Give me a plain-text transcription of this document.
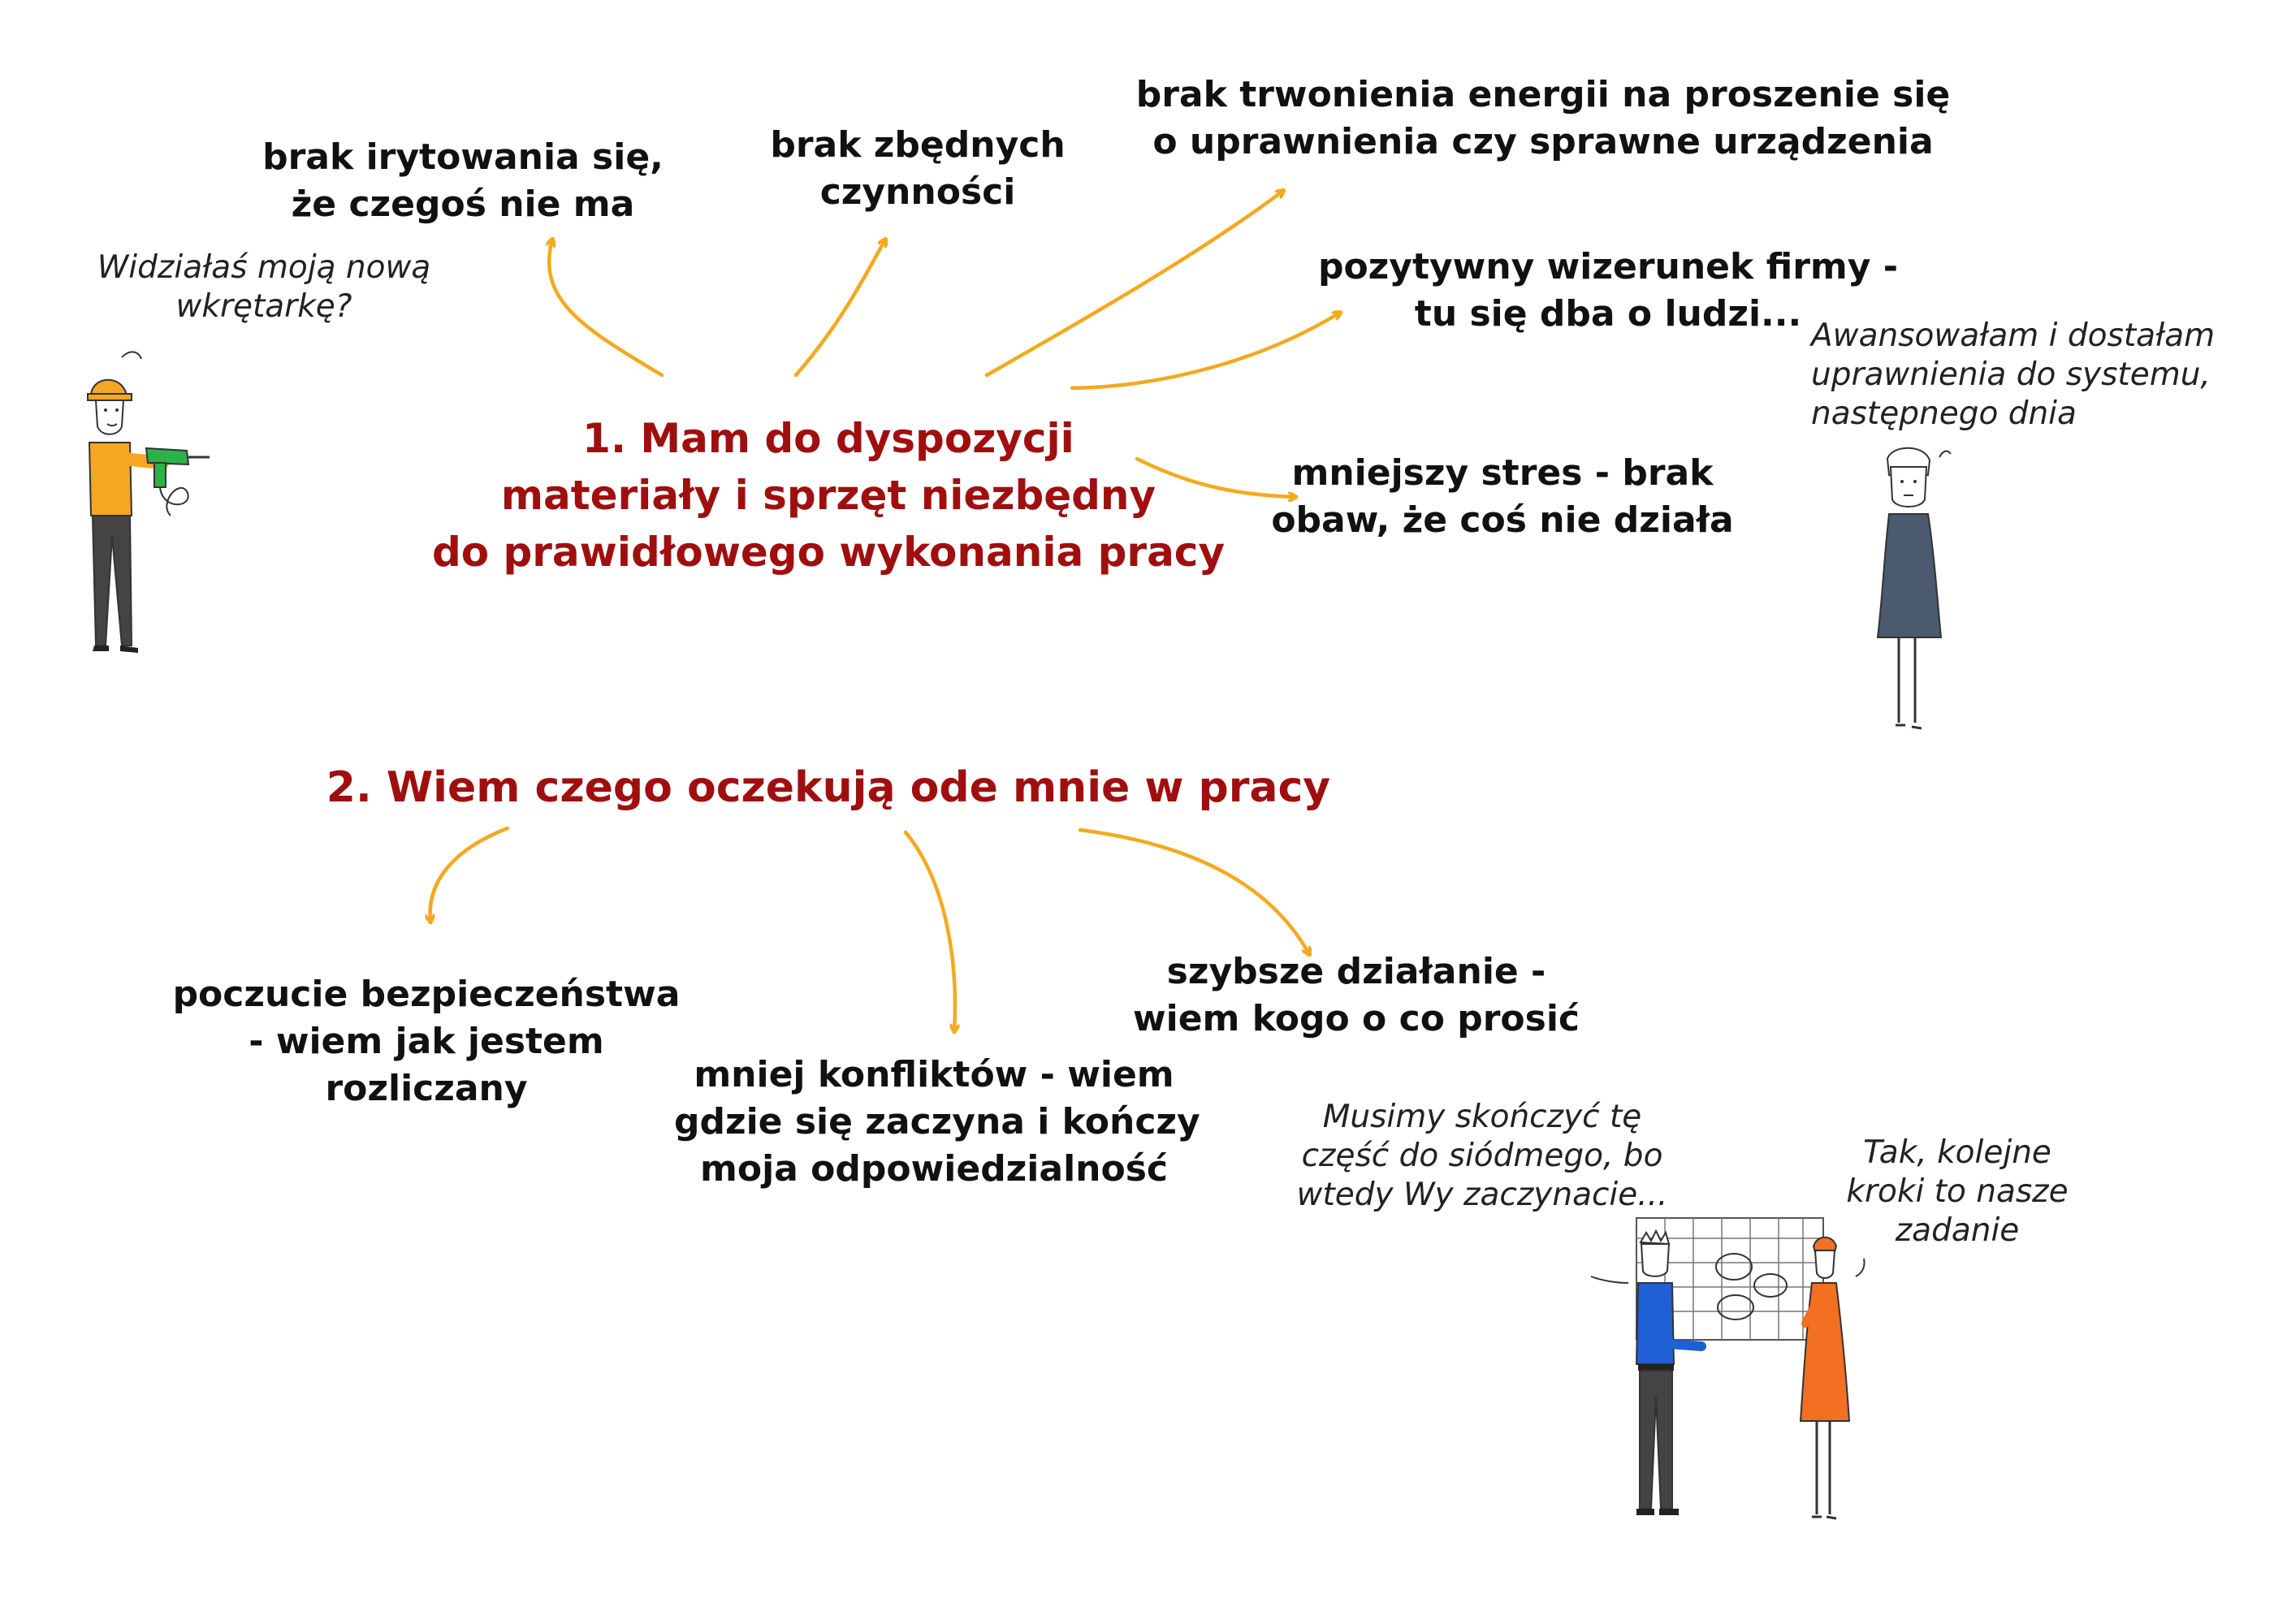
1. Mam do dyspozycji
materiały i sprzęt niezbędny
do prawidłowego wykonania pracy
brak irytowania się,
że czegoś nie ma
brak zbędnych
czynności
brak trwonienia energii na proszenie się
o uprawnienia czy sprawne urządzenia
pozytywny wizerunek firmy -
tu się dba o ludzi...
mniejszy stres - brak
obaw, że coś nie działa
2. Wiem czego oczekują ode mnie w pracy
poczucie bezpieczeństwa
- wiem jak jestem
rozliczany	mniej konfliktów - wiem
gdzie się zaczyna i kończy
moja odpowiedzialność
szybsze działanie -
wiem kogo o co prosić
Widziałaś moją nową
wkrętarkę?
Awansowałam i dostałam
uprawnienia do systemu,
następnego dnia
Musimy skończyć tę
część do siódmego, bo
wtedy Wy zaczynacie...
Tak, kolejne
kroki to nasze
zadanie
